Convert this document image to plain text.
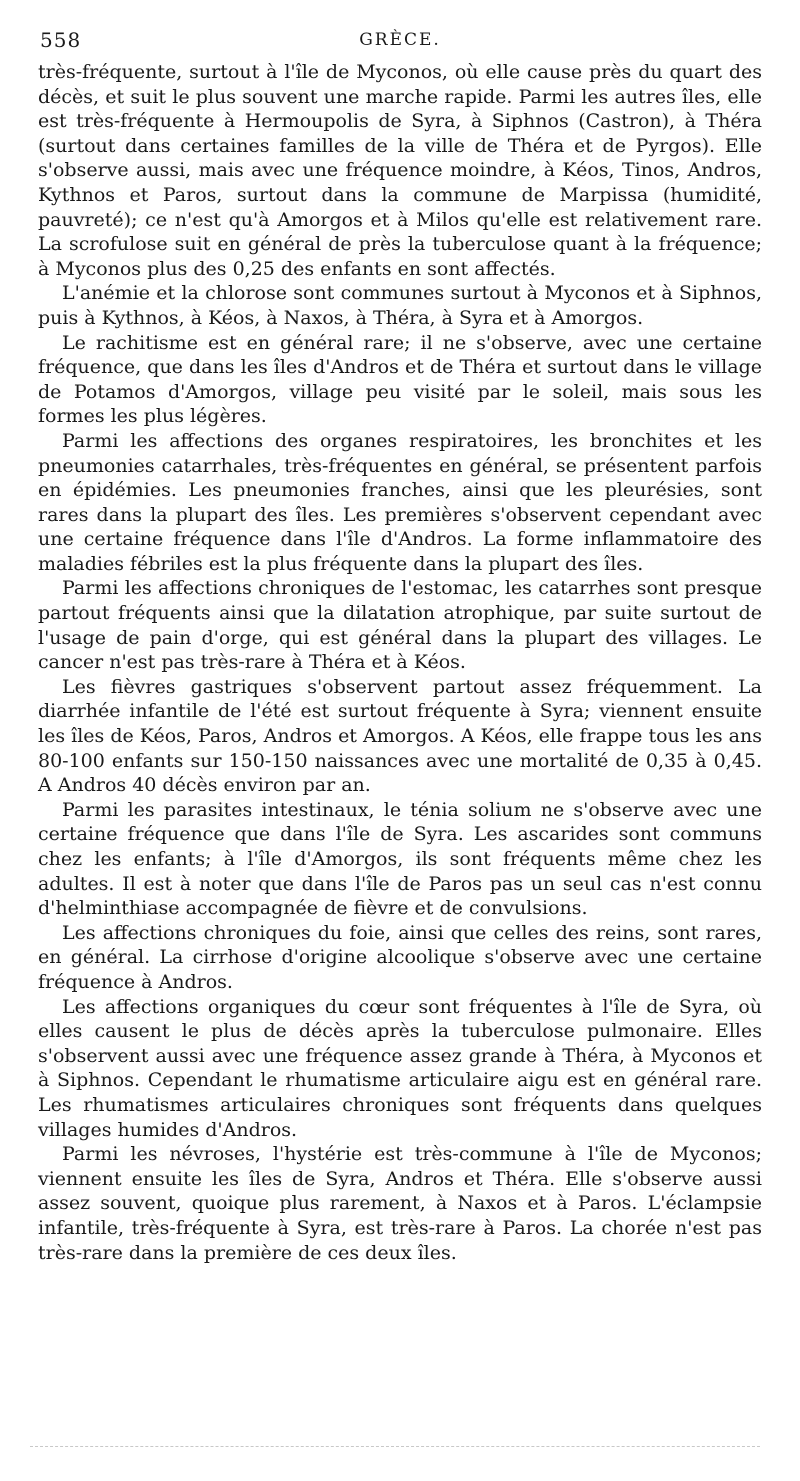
558	GRÈCE.

très-fréquente, surtout à l'île de Myconos, où elle cause près du quart des décès, et suit le plus souvent une marche rapide. Parmi les autres îles, elle est très-fréquente à Hermoupolis de Syra, à Siphnos (Castron), à Théra (surtout dans certaines familles de la ville de Théra et de Pyrgos). Elle s'observe aussi, mais avec une fréquence moindre, à Kéos, Tinos, Andros, Kythnos et Paros, surtout dans la commune de Marpissa (humidité, pauvreté); ce n'est qu'à Amorgos et à Milos qu'elle est relativement rare. La scrofulose suit en général de près la tuberculose quant à la fréquence; à Myconos plus des 0,25 des enfants en sont affectés.

L'anémie et la chlorose sont communes surtout à Myconos et à Siphnos, puis à Kythnos, à Kéos, à Naxos, à Théra, à Syra et à Amorgos.

Le rachitisme est en général rare; il ne s'observe, avec une certaine fréquence, que dans les îles d'Andros et de Théra et surtout dans le village de Potamos d'Amorgos, village peu visité par le soleil, mais sous les formes les plus légères.

Parmi les affections des organes respiratoires, les bronchites et les pneumonies catarrhales, très-fréquentes en général, se présentent parfois en épidémies. Les pneumonies franches, ainsi que les pleurésies, sont rares dans la plupart des îles. Les premières s'observent cependant avec une certaine fréquence dans l'île d'Andros. La forme inflammatoire des maladies fébriles est la plus fréquente dans la plupart des îles.

Parmi les affections chroniques de l'estomac, les catarrhes sont presque partout fréquents ainsi que la dilatation atrophique, par suite surtout de l'usage de pain d'orge, qui est général dans la plupart des villages. Le cancer n'est pas très-rare à Théra et à Kéos.

Les fièvres gastriques s'observent partout assez fréquemment. La diarrhée infantile de l'été est surtout fréquente à Syra; viennent ensuite les îles de Kéos, Paros, Andros et Amorgos. A Kéos, elle frappe tous les ans 80-100 enfants sur 150-150 naissances avec une mortalité de 0,35 à 0,45. A Andros 40 décès environ par an.

Parmi les parasites intestinaux, le ténia solium ne s'observe avec une certaine fréquence que dans l'île de Syra. Les ascarides sont communs chez les enfants; à l'île d'Amorgos, ils sont fréquents même chez les adultes. Il est à noter que dans l'île de Paros pas un seul cas n'est connu d'helminthiase accompagnée de fièvre et de convulsions.

Les affections chroniques du foie, ainsi que celles des reins, sont rares, en général. La cirrhose d'origine alcoolique s'observe avec une certaine fréquence à Andros.

Les affections organiques du cœur sont fréquentes à l'île de Syra, où elles causent le plus de décès après la tuberculose pulmonaire. Elles s'observent aussi avec une fréquence assez grande à Théra, à Myconos et à Siphnos. Cependant le rhumatisme articulaire aigu est en général rare. Les rhumatismes articulaires chroniques sont fréquents dans quelques villages humides d'Andros.

Parmi les névroses, l'hystérie est très-commune à l'île de Myconos; viennent ensuite les îles de Syra, Andros et Théra. Elle s'observe aussi assez souvent, quoique plus rarement, à Naxos et à Paros. L'éclampsie infantile, très-fréquente à Syra, est très-rare à Paros. La chorée n'est pas très-rare dans la première de ces deux îles.
